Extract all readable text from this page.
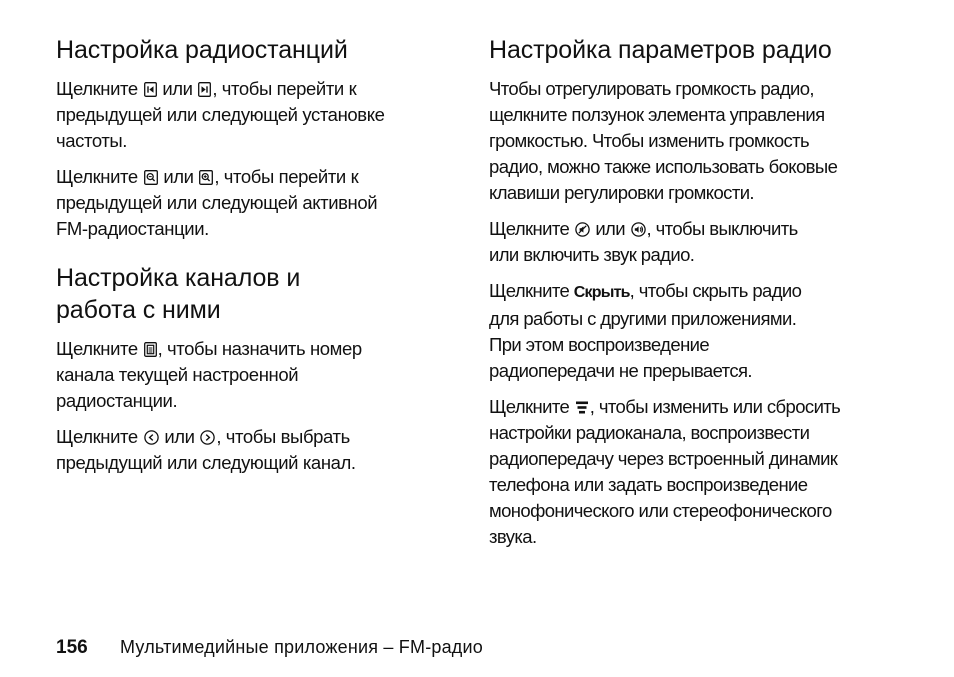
Настройка радиостанций

Щелкните или , чтобы перейти к
предыдущей или следующей установке
частоты.

Щелкните или , чтобы перейти к
предыдущей или следующей активной
FM-радиостанции.

Настройка каналов и
работа с ними

Щелкните , чтобы назначить номер
канала текущей настроенной
радиостанции.

Щелкните или , чтобы выбрать
предыдущий или следующий канал.

Настройка параметров радио

Чтобы отрегулировать громкость радио,
щелкните ползунок элемента управления
громкостью. Чтобы изменить громкость
радио, можно также использовать боковые
клавиши регулировки громкости.

Щелкните или , чтобы выключить
или включить звук радио.

Щелкните Скрыть, чтобы скрыть радио
для работы с другими приложениями.
При этом воспроизведение
радиопередачи не прерывается.

Щелкните , чтобы изменить или сбросить
настройки радиоканала, воспроизвести
радиопередачу через встроенный динамик
телефона или задать воспроизведение
монофонического или стереофонического
звука.

156 Мультимедийные приложения – FM-радио
